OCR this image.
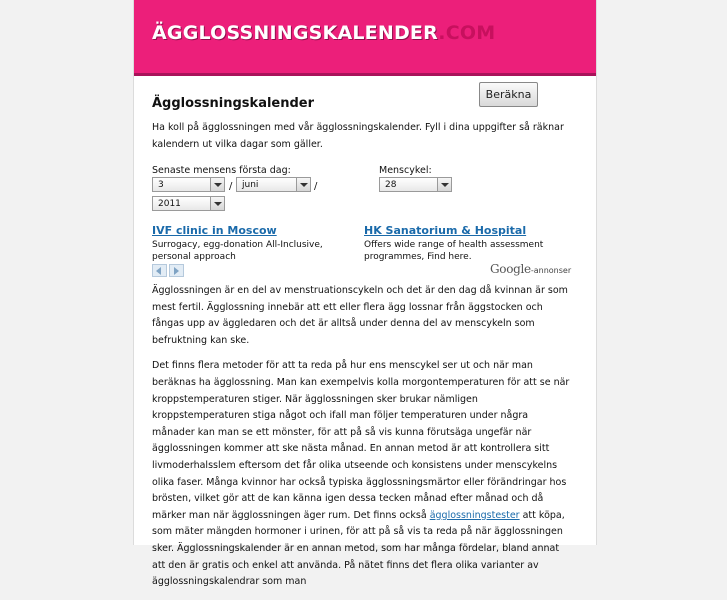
ÄGGLOSSNINGSKALENDER.COM
Ägglossningskalender

Ha koll på ägglossningen med vår ägglossningskalender. Fyll i dina uppgifter så räknar kalendern ut vilka dagar som gäller.

Senaste mensens första dag:
3	/	juni	/
2011
Menscykel:
28
IVF clinic in Moscow
Surrogacy, egg-donation All-Inclusive, personal approach
HK Sanatorium & Hospital
Offers wide range of health assessment programmes, Find here.
Google-annonser

Ägglossningen är en del av menstruationscykeln och det är den dag då kvinnan är som mest fertil. Ägglossning innebär att ett eller flera ägg lossnar från äggstocken och fångas upp av äggledaren och det är alltså under denna del av menscykeln som befruktning kan ske.

Det finns flera metoder för att ta reda på hur ens menscykel ser ut och när man beräknas ha ägglossning. Man kan exempelvis kolla morgontemperaturen för att se när kroppstemperaturen stiger. När ägglossningen sker brukar nämligen kroppstemperaturen stiga något och ifall man följer temperaturen under några månader kan man se ett mönster, för att på så vis kunna förutsäga ungefär när ägglossningen kommer att ske nästa månad. En annan metod är att kontrollera sitt livmoderhalsslem eftersom det får olika utseende och konsistens under menscykelns olika faser. Många kvinnor har också typiska ägglossningsmärtor eller förändringar hos brösten, vilket gör att de kan känna igen dessa tecken månad efter månad och då märker man när ägglossningen äger rum. Det finns också ägglossningstester att köpa, som mäter mängden hormoner i urinen, för att på så vis ta reda på när ägglossningen sker. Ägglossningskalender är en annan metod, som har många fördelar, bland annat att den är gratis och enkel att använda. På nätet finns det flera olika varianter av ägglossningskalendrar som man

Beräkna
